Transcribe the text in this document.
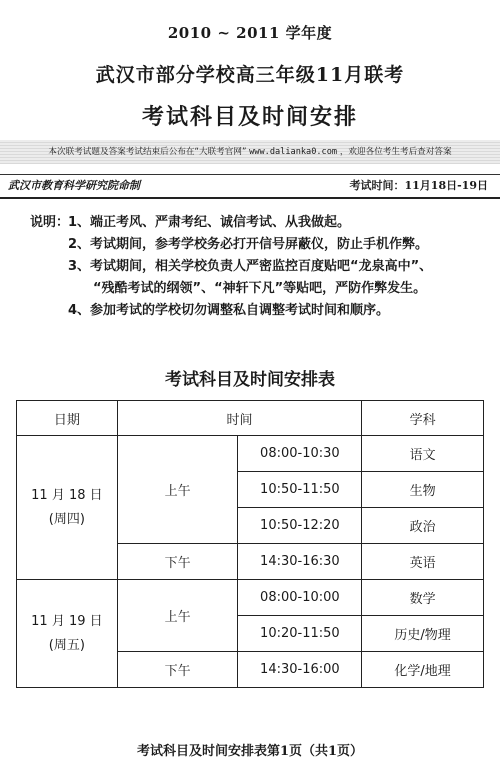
2010 ~ 2011 学年度
武汉市部分学校高三年级11月联考
考试科目及时间安排
本次联考试题及答案考试结束后公布在“大联考官网” www.dalianka0.com ，欢迎各位考生考后查对答案
武汉市教育科学研究院命制	考试时间：11月18日-19日
说明：1、端正考风、严肃考纪、诚信考试、从我做起。
2、考试期间，参考学校务必打开信号屏蔽仪，防止手机作弊。
3、考试期间，相关学校负责人严密监控百度贴吧“龙泉高中”、
“残酷考试的纲领”、“神轩下凡”等贴吧，严防作弊发生。
4、参加考试的学校切勿调整私自调整考试时间和顺序。
考试科目及时间安排表
日期	时间		学科

11 月 18 日
(周四)	上午	08:00-10:30	语文
		10:50-11:50	生物
		10:50-12:20	政治
	下午	14:30-16:30	英语

11 月 19 日
(周五)	上午	08:00-10:00	数学
		10:20-11:50	历史/物理
	下午	14:30-16:00	化学/地理
考试科目及时间安排表第1页（共1页）
